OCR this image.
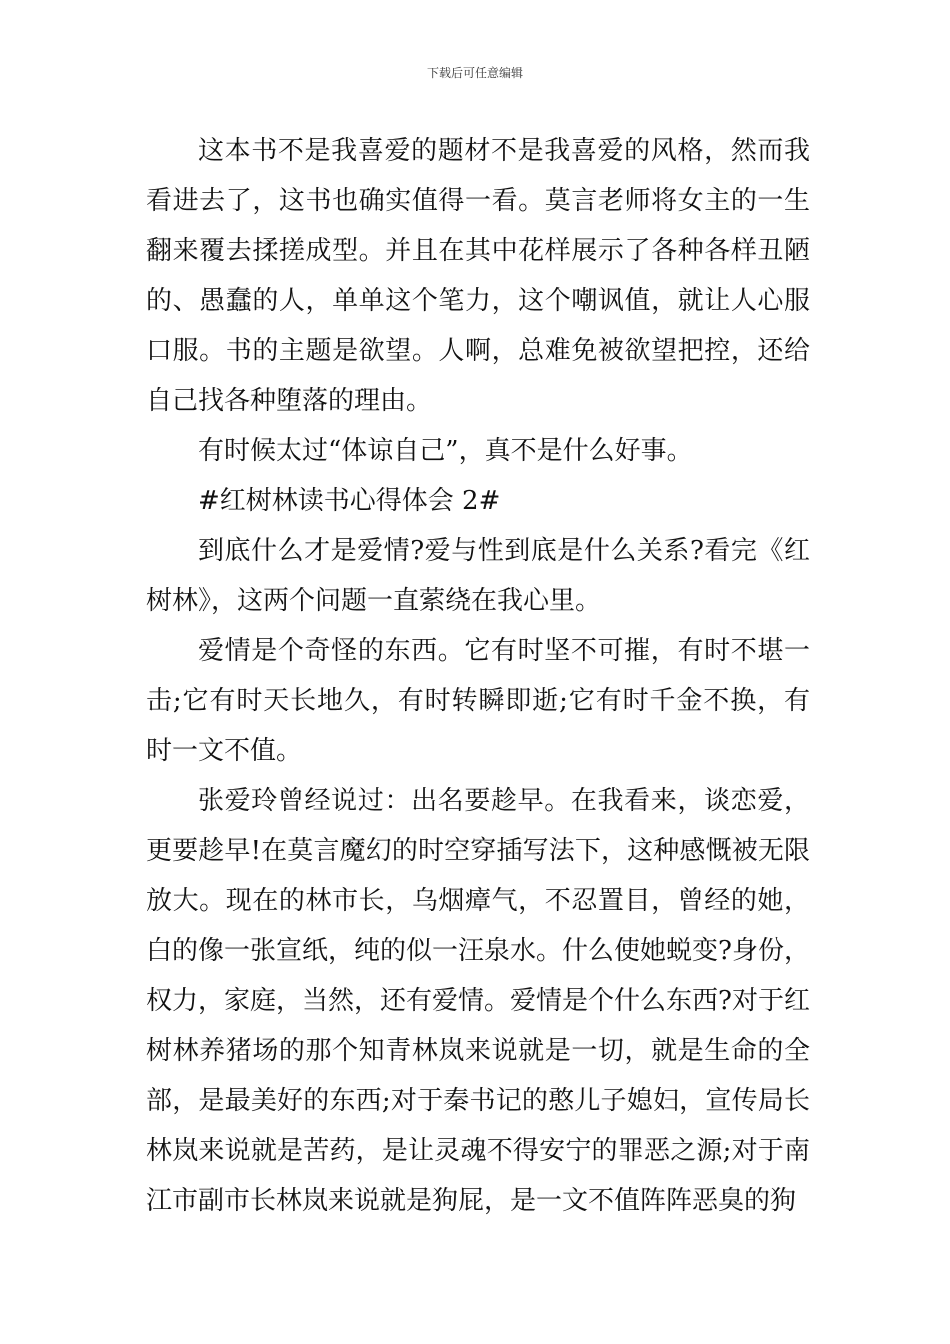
下载后可任意编辑

这本书不是我喜爱的题材不是我喜爱的风格，然而我看进去了，这书也确实值得一看。莫言老师将女主的一生翻来覆去揉搓成型。并且在其中花样展示了各种各样丑陋的、愚蠢的人，单单这个笔力，这个嘲讽值，就让人心服口服。书的主题是欲望。人啊，总难免被欲望把控，还给自己找各种堕落的理由。

有时候太过“体谅自己”，真不是什么好事。

#红树林读书心得体会 2#

到底什么才是爱情?爱与性到底是什么关系?看完《红树林》，这两个问题一直萦绕在我心里。

爱情是个奇怪的东西。它有时坚不可摧，有时不堪一击;它有时天长地久，有时转瞬即逝;它有时千金不换，有时一文不值。

张爱玲曾经说过：出名要趁早。在我看来，谈恋爱，更要趁早!在莫言魔幻的时空穿插写法下，这种感慨被无限放大。现在的林市长，乌烟瘴气，不忍置目，曾经的她，白的像一张宣纸，纯的似一汪泉水。什么使她蜕变?身份，权力，家庭，当然，还有爱情。爱情是个什么东西?对于红树林养猪场的那个知青林岚来说就是一切，就是生命的全部，是最美好的东西;对于秦书记的憨儿子媳妇，宣传局长林岚来说就是苦药，是让灵魂不得安宁的罪恶之源;对于南江市副市长林岚来说就是狗屁，是一文不值阵阵恶臭的狗
